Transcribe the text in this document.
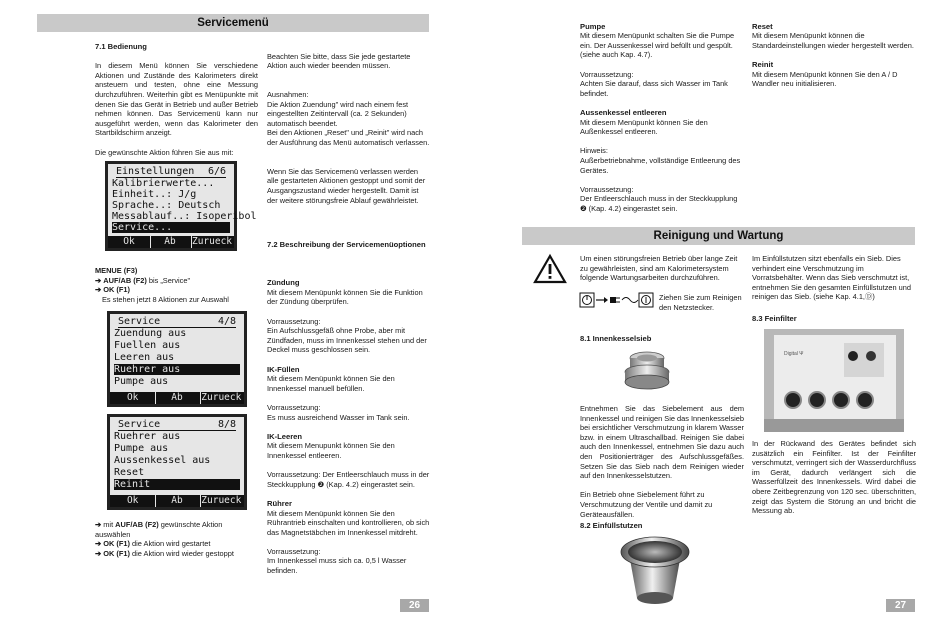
Servicemenü
7.1 Bedienung

In diesem Menü können Sie verschiedene Aktionen und Zustände des Kalorimeters direkt ansteuern und testen, ohne eine Messung durchzuführen. Weiterhin gibt es Menüpunkte mit denen Sie das Gerät in Betrieb und außer Betrieb nehmen können. Das Servicemenü kann nur ausgeführt werden, wenn das Kalorimeter den Startbildschirm anzeigt.

Die gewünschte Aktion führen Sie aus mit:

Einstellungen 6/6
Kalibrierwerte...
Einheit..: J/g
Sprache..: Deutsch
Messablauf..: Isoperibol
Service...
Ok	Ab	Zurueck
MENUE (F3)
➔ AUF/AB (F2) bis „Service"
➔ OK (F1)
Es stehen jetzt 8 Aktionen zur Auswahl
Service	4/8
Zuendung aus
Fuellen aus
Leeren aus
Ruehrer aus
Pumpe aus
Ok	Ab	Zurueck
Service	8/8
Ruehrer aus
Pumpe aus
Aussenkessel aus
Reset
Reinit
Ok	Ab	Zurueck
➔ mit AUF/AB (F2) gewünschte Aktion auswählen
➔ OK (F1) die Aktion wird gestartet
➔ OK (F1) die Aktion wird wieder gestoppt

Beachten Sie bitte, dass Sie jede gestartete Aktion auch wieder beenden müssen.

Ausnahmen:
Die Aktion Zuendung" wird nach einem fest eingestellten Zeitintervall (ca. 2 Sekunden) automatisch beendet.
Bei den Aktionen „Reset" und „Reinit" wird nach der Ausführung das Menü automatisch verlassen.

Wenn Sie das Servicemenü verlassen werden alle gestarteten Aktionen gestoppt und somit der Ausgangszustand wieder hergestellt. Damit ist der weitere störungsfreie Ablauf gewährleistet.

7.2 Beschreibung der Servicemenüoptionen

Zündung
Mit diesem Menüpunkt können Sie die Funktion der Zündung überprüfen.

Vorraussetzung:
Ein Aufschlussgefäß ohne Probe, aber mit Zündfaden, muss im Innenkessel stehen und der Deckel muss geschlossen sein.

IK-Füllen
Mit diesem Menüpunkt können Sie den Innenkessel manuell befüllen.

Vorraussetzung:
Es muss ausreichend Wasser im Tank sein.

IK-Leeren
Mit diesem Menupunkt können Sie den Innenkessel entleeren.

Vorraussetzung: Der Entleerschlauch muss in der Steckkupplung ❷ (Kap. 4.2) eingerastet sein.

Rührer
Mit diesem Menüpunkt können Sie den Rührantrieb einschalten und kontrollieren, ob sich das Magnetstäbchen im Innenkessel mitdreht.

Vorraussetzung:
Im Innenkessel muss sich ca. 0,5 l Wasser befinden.

26

Pumpe
Mit diesem Menüpunkt schalten Sie die Pumpe ein. Der Aussenkessel wird befüllt und gespült. (siehe auch Kap. 4.7).

Vorraussetzung:
Achten Sie darauf, dass sich Wasser im Tank befindet.

Aussenkessel entleeren
Mit diesem Menüpunkt können Sie den Außenkessel entleeren.

Hinweis:
Außerbetriebnahme, vollständige Entleerung des Gerätes.

Vorraussetzung:
Der Entleerschlauch muss in der Steckkupplung ❷ (Kap. 4.2) eingerastet sein.

Reset
Mit diesem Menüpunkt können die Standardeinstellungen wieder hergestellt werden.

Reinit
Mit diesem Menüpunkt können Sie den A / D Wandler neu initialisieren.

Reinigung und Wartung
Um einen störungsfreien Betrieb über lange Zeit zu gewährleisten, sind am Kalorimetersystem folgende Wartungsarbeiten durchzuführen.
Ziehen Sie zum Reinigen den Netzstecker.
8.1 Innenkesselsieb

Entnehmen Sie das Siebelement aus dem Innenkessel und reinigen Sie das Innenkesselsieb bei ersichtlicher Verschmutzung in klarem Wasser bzw. in einem Ultraschallbad. Reinigen Sie dabei auch den Innenkessel, entnehmen Sie dazu auch den Positionierträger des Aufschlussgefäßes. Setzen Sie das Sieb nach dem Reinigen wieder auf den Innenkesselstutzen.

Ein Betrieb ohne Siebelement führt zu Verschmutzung der Ventile und damit zu Geräteausfällen.

8.2 Einfüllstutzen
Im Einfüllstutzen sitzt ebenfalls ein Sieb. Dies verhindert eine Verschmutzung im Vorratsbehälter. Wenn das Sieb verschmutzt ist, entnehmen Sie den gesamten Einfüllstutzen und reinigen das Sieb. (siehe Kap. 4.1,Ⓓ)
8.3 Feinfilter
Digital Ψ
In der Rückwand des Gerätes befindet sich zusätzlich ein Feinfilter. Ist der Feinfilter verschmutzt, verringert sich der Wasserdurchfluss im Gerät, dadurch verlängert sich die Wasserfüllzeit des Innenkessels. Wird dabei die obere Zeitbegrenzung von 120 sec. überschritten, zeigt das System die Störung an und bricht die Messung ab.
27
